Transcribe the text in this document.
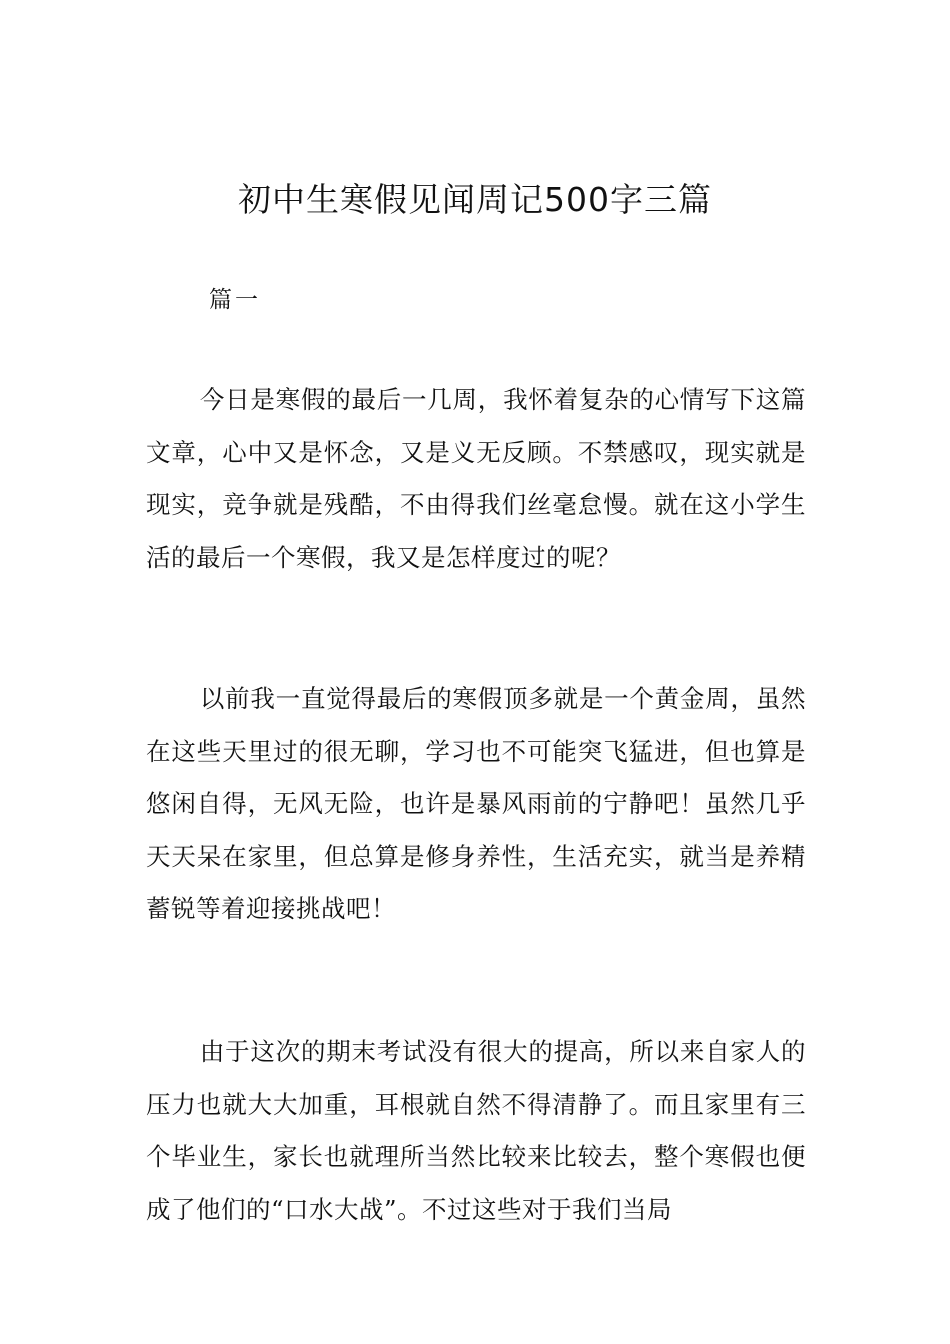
初中生寒假见闻周记500字三篇
篇一

今日是寒假的最后一几周，我怀着复杂的心情写下这篇文章，心中又是怀念，又是义无反顾。不禁感叹，现实就是现实，竞争就是残酷，不由得我们丝毫怠慢。就在这小学生活的最后一个寒假，我又是怎样度过的呢？

以前我一直觉得最后的寒假顶多就是一个黄金周，虽然在这些天里过的很无聊，学习也不可能突飞猛进，但也算是悠闲自得，无风无险，也许是暴风雨前的宁静吧！虽然几乎天天呆在家里，但总算是修身养性，生活充实，就当是养精蓄锐等着迎接挑战吧！

由于这次的期末考试没有很大的提高，所以来自家人的压力也就大大加重，耳根就自然不得清静了。而且家里有三个毕业生，家长也就理所当然比较来比较去，整个寒假也便成了他们的“口水大战”。不过这些对于我们当局
